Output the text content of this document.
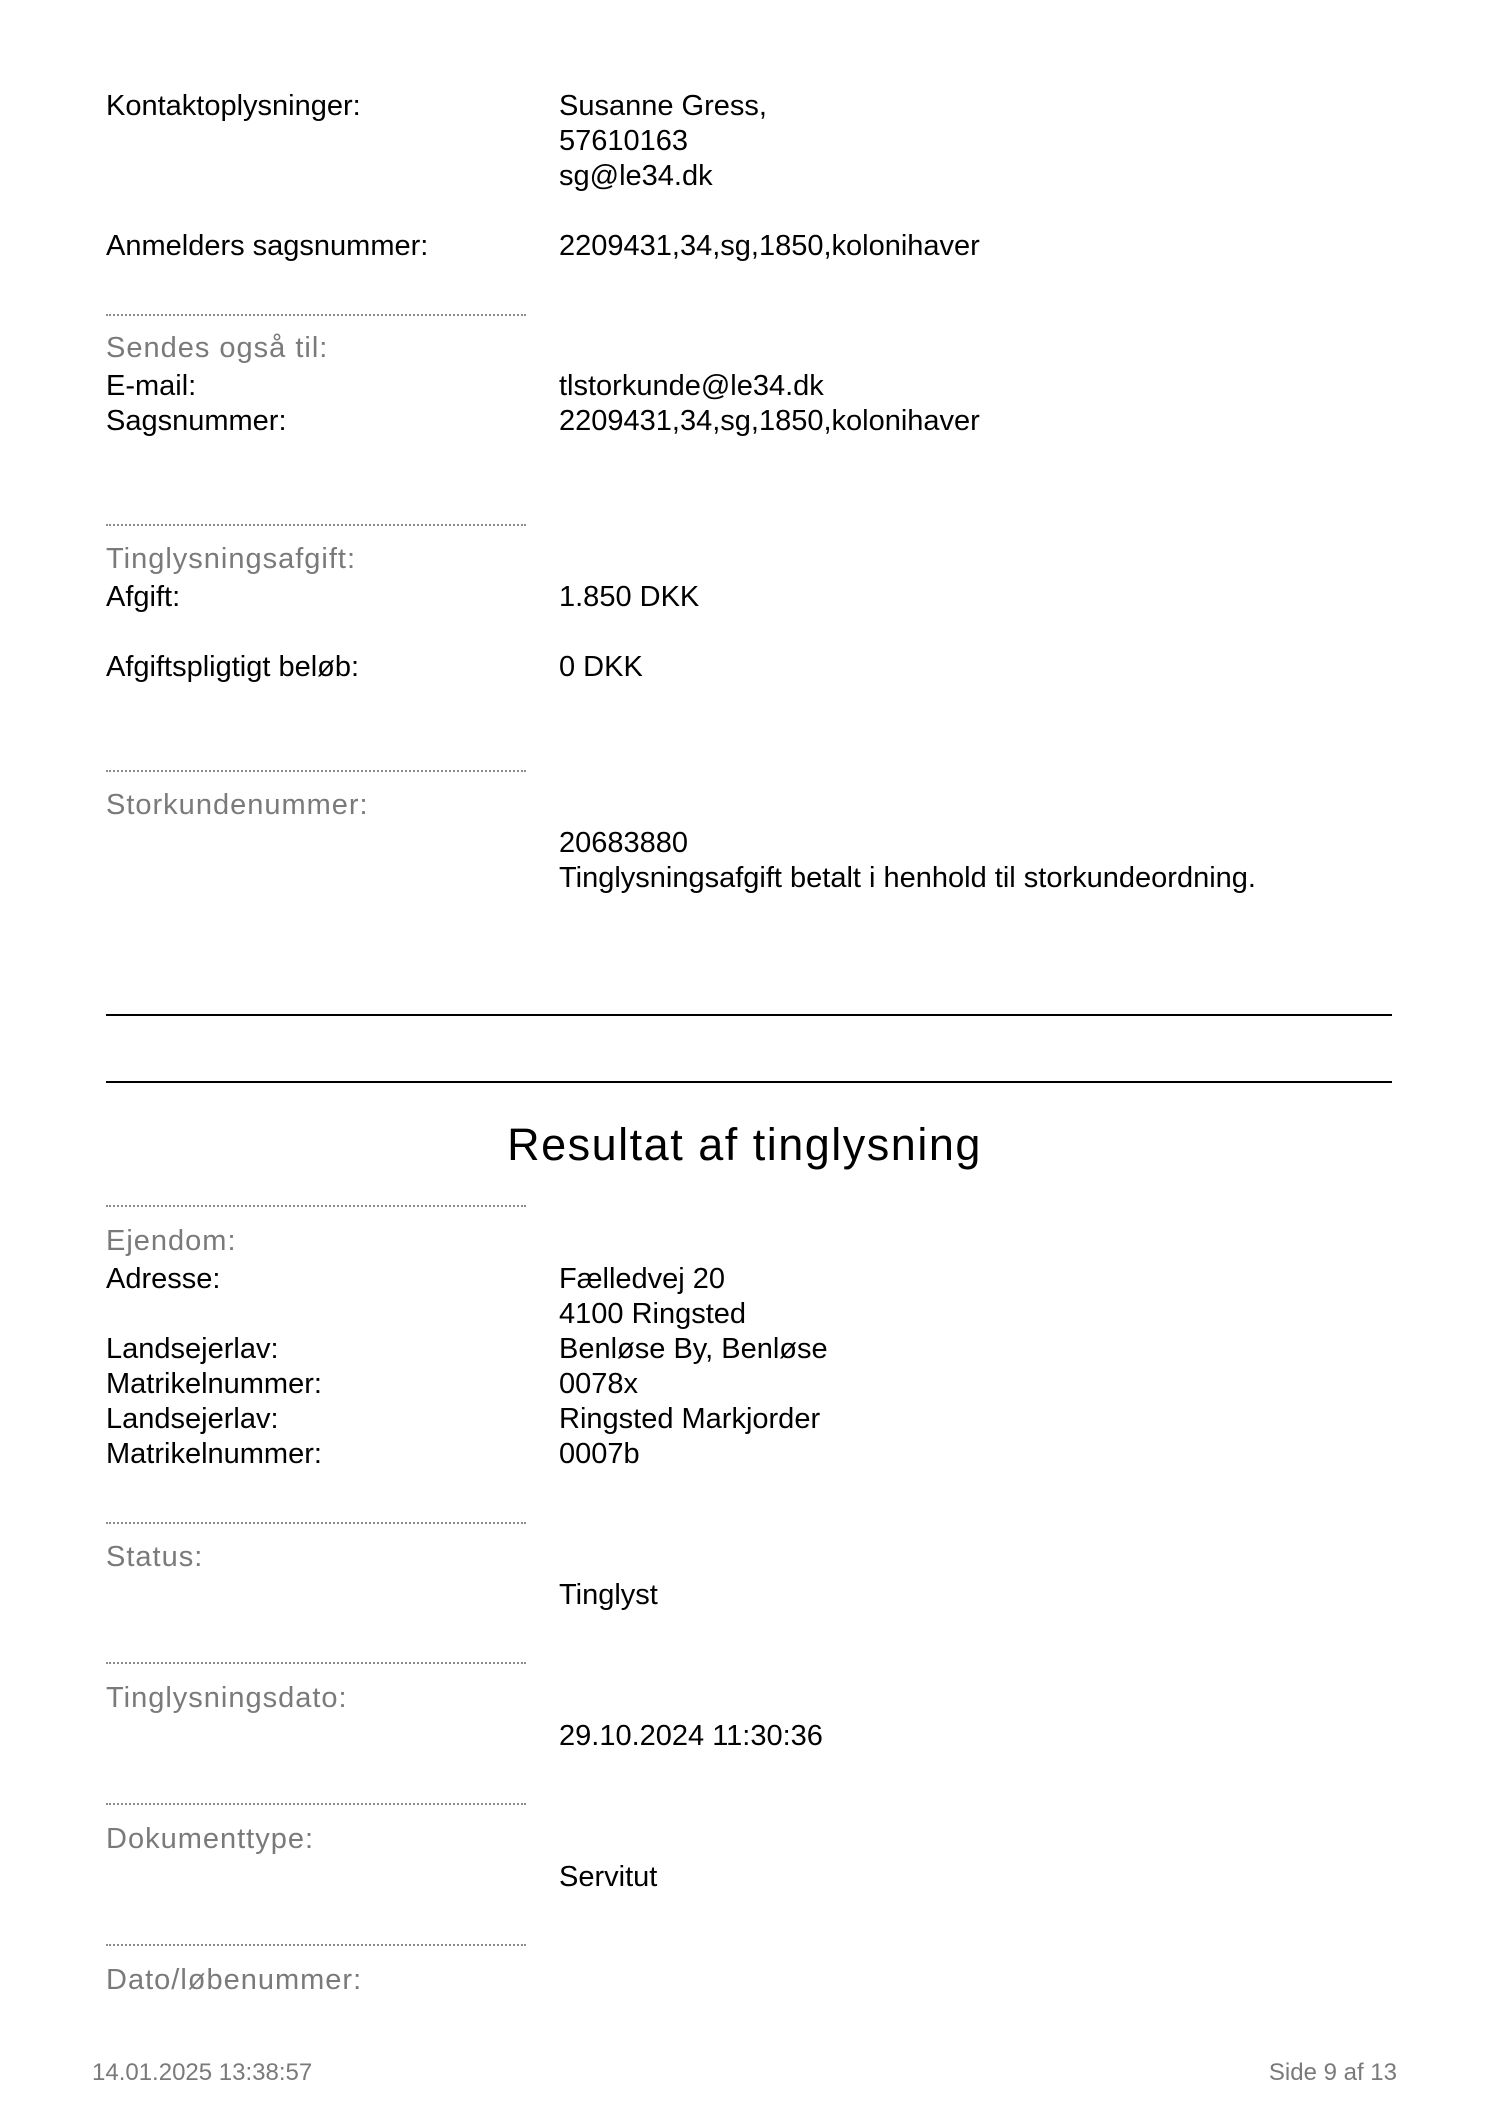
Kontaktoplysninger:	Susanne Gress,
57610163
sg@le34.dk
Anmelders sagsnummer:	2209431,34,sg,1850,kolonihaver
Sendes også til:
E-mail:	tlstorkunde@le34.dk
Sagsnummer:	2209431,34,sg,1850,kolonihaver
Tinglysningsafgift:
Afgift:	1.850 DKK
Afgiftspligtigt beløb:	0 DKK
Storkundenummer:
20683880
Tinglysningsafgift betalt i henhold til storkundeordning.
Resultat af tinglysning
Ejendom:
Adresse:	Fælledvej 20
4100 Ringsted
Landsejerlav:	Benløse By, Benløse
Matrikelnummer:	0078x
Landsejerlav:	Ringsted Markjorder
Matrikelnummer:	0007b
Status:
Tinglyst
Tinglysningsdato:
29.10.2024 11:30:36
Dokumenttype:
Servitut
Dato/løbenummer:
14.01.2025 13:38:57	Side 9 af 13
